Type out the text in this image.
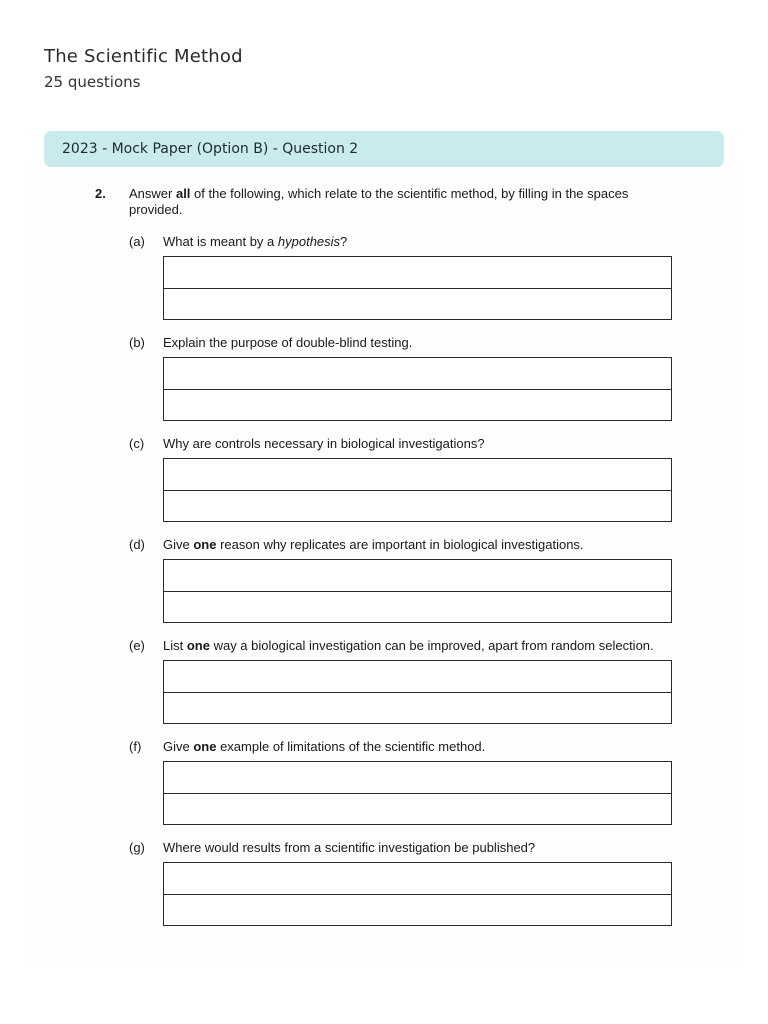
The Scientific Method
25 questions
2023 - Mock Paper (Option B) - Question 2
2. Answer all of the following, which relate to the scientific method, by filling in the spaces provided.
(a)	What is meant by a hypothesis?
(b)	Explain the purpose of double-blind testing.
(c)	Why are controls necessary in biological investigations?
(d)	Give one reason why replicates are important in biological investigations.
(e)	List one way a biological investigation can be improved, apart from random selection.
(f)	Give one example of limitations of the scientific method.
(g)	Where would results from a scientific investigation be published?
